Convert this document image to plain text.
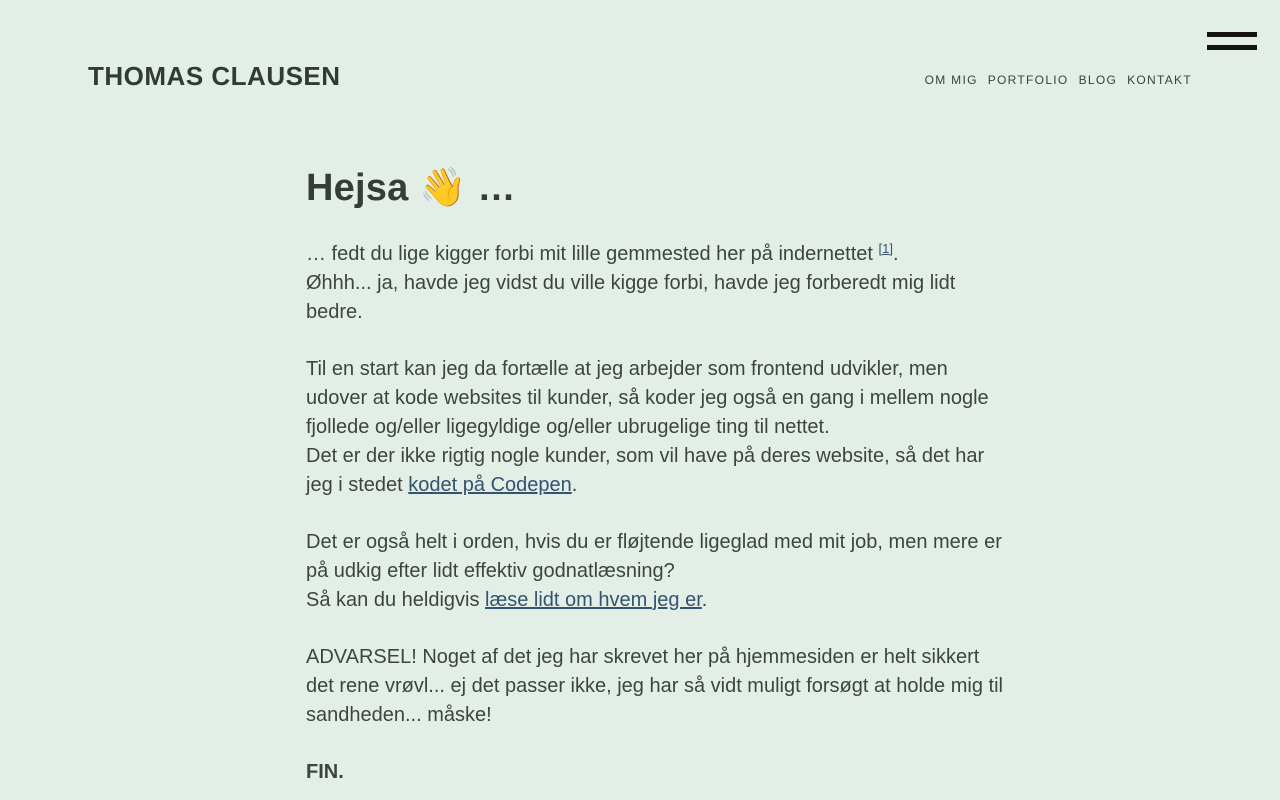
THOMAS CLAUSEN	OM MIG PORTFOLIO BLOG KONTAKT
Hejsa 👋 …

… fedt du lige kigger forbi mit lille gemmested her på indernettet [1].
Øhhh... ja, havde jeg vidst du ville kigge forbi, havde jeg forberedt mig lidt
bedre.

Til en start kan jeg da fortælle at jeg arbejder som frontend udvikler, men
udover at kode websites til kunder, så koder jeg også en gang i mellem nogle
fjollede og/eller ligegyldige og/eller ubrugelige ting til nettet.
Det er der ikke rigtig nogle kunder, som vil have på deres website, så det har
jeg i stedet kodet på Codepen.

Det er også helt i orden, hvis du er fløjtende ligeglad med mit job, men mere er
på udkig efter lidt effektiv godnatlæsning?
Så kan du heldigvis læse lidt om hvem jeg er.

ADVARSEL! Noget af det jeg har skrevet her på hjemmesiden er helt sikkert
det rene vrøvl... ej det passer ikke, jeg har så vidt muligt forsøgt at holde mig til
sandheden... måske!

FIN.
